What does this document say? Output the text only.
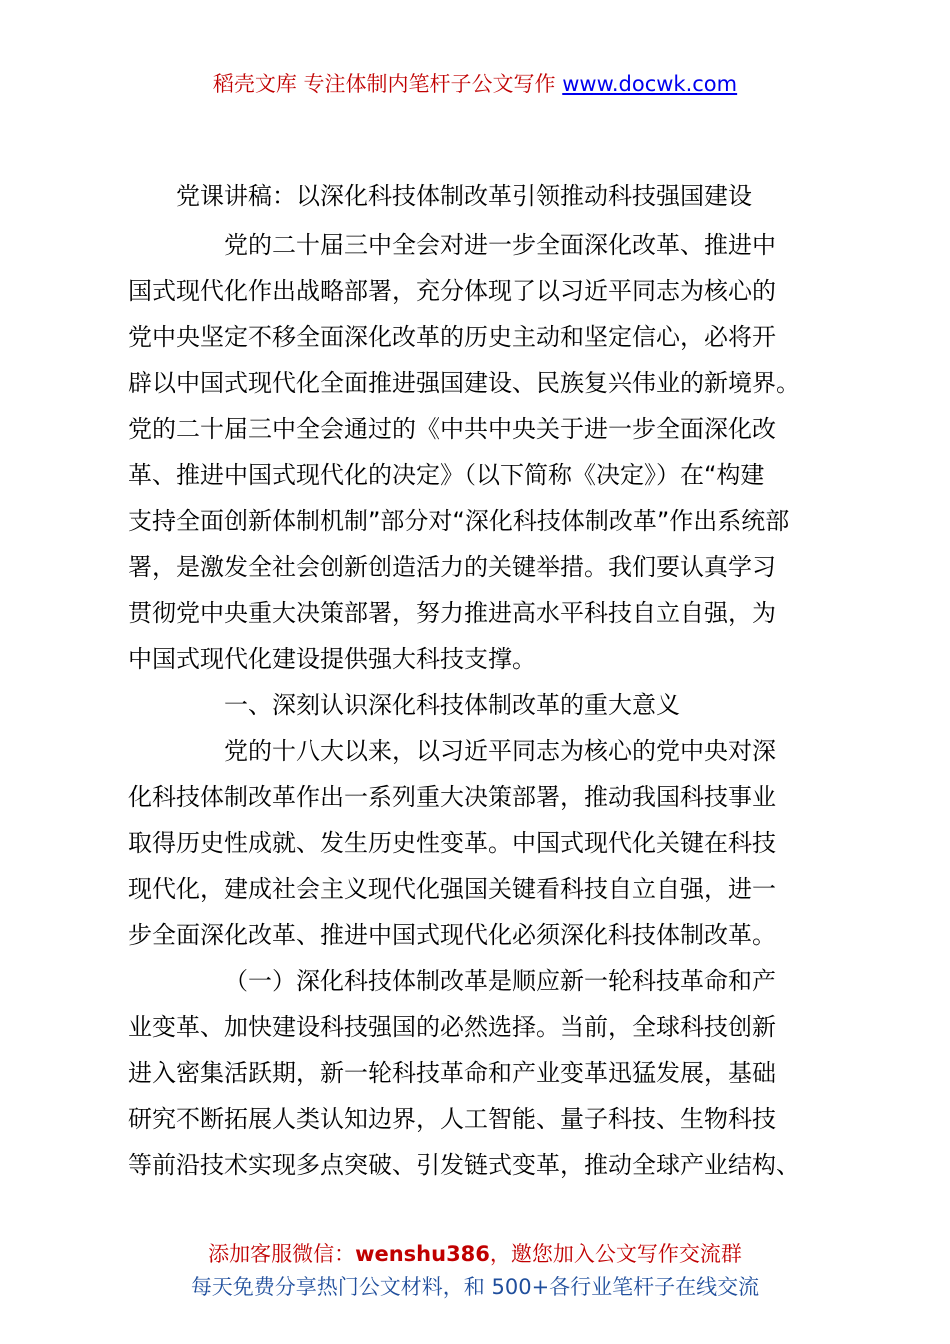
稻壳文库 专注体制内笔杆子公文写作 www.docwk.com
党课讲稿：以深化科技体制改革引领推动科技强国建设
党的二十届三中全会对进一步全面深化改革、推进中
国式现代化作出战略部署，充分体现了以习近平同志为核心的
党中央坚定不移全面深化改革的历史主动和坚定信心，必将开
辟以中国式现代化全面推进强国建设、民族复兴伟业的新境界。
党的二十届三中全会通过的《中共中央关于进一步全面深化改
革、推进中国式现代化的决定》（以下简称《决定》）在“构建
支持全面创新体制机制”部分对“深化科技体制改革”作出系统部
署，是激发全社会创新创造活力的关键举措。我们要认真学习
贯彻党中央重大决策部署，努力推进高水平科技自立自强，为
中国式现代化建设提供强大科技支撑。
一、深刻认识深化科技体制改革的重大意义
党的十八大以来，以习近平同志为核心的党中央对深
化科技体制改革作出一系列重大决策部署，推动我国科技事业
取得历史性成就、发生历史性变革。中国式现代化关键在科技
现代化，建成社会主义现代化强国关键看科技自立自强，进一
步全面深化改革、推进中国式现代化必须深化科技体制改革。
（一）深化科技体制改革是顺应新一轮科技革命和产
业变革、加快建设科技强国的必然选择。当前，全球科技创新
进入密集活跃期，新一轮科技革命和产业变革迅猛发展，基础
研究不断拓展人类认知边界，人工智能、量子科技、生物科技
等前沿技术实现多点突破、引发链式变革，推动全球产业结构、
添加客服微信：wenshu386，邀您加入公文写作交流群
每天免费分享热门公文材料，和 500+各行业笔杆子在线交流
